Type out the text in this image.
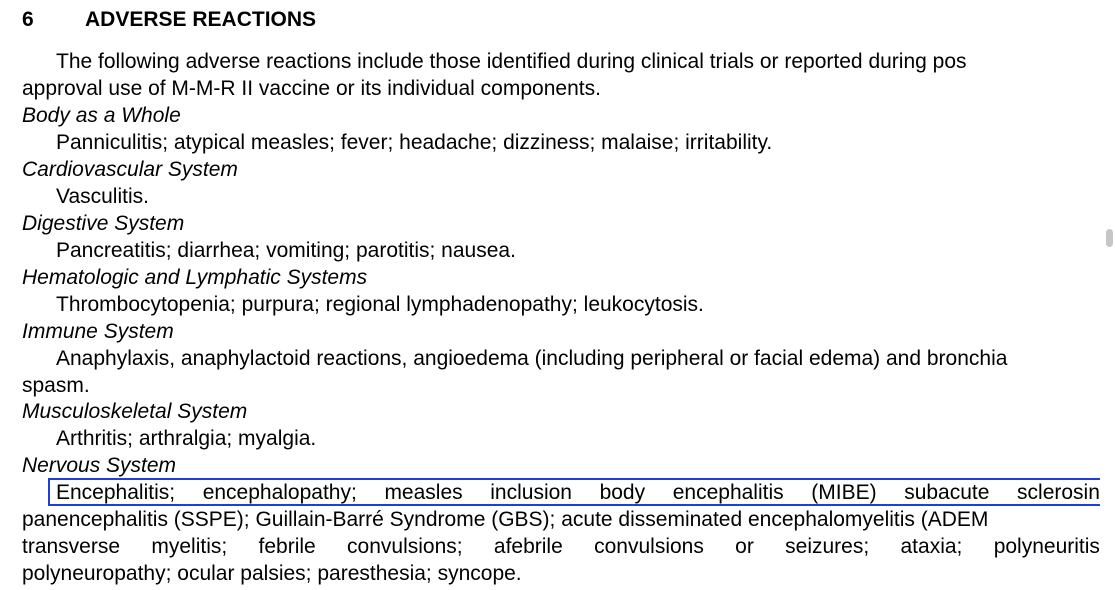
6 ADVERSE REACTIONS
The following adverse reactions include those identified during clinical trials or reported during pos
approval use of M-M-R II vaccine or its individual components.
Body as a Whole
Panniculitis; atypical measles; fever; headache; dizziness; malaise; irritability.
Cardiovascular System
Vasculitis.
Digestive System
Pancreatitis; diarrhea; vomiting; parotitis; nausea.
Hematologic and Lymphatic Systems
Thrombocytopenia; purpura; regional lymphadenopathy; leukocytosis.
Immune System
Anaphylaxis, anaphylactoid reactions, angioedema (including peripheral or facial edema) and bronchia
spasm.
Musculoskeletal System
Arthritis; arthralgia; myalgia.
Nervous System
Encephalitis; encephalopathy; measles inclusion body encephalitis (MIBE) subacute sclerosin
panencephalitis (SSPE); Guillain-Barré Syndrome (GBS); acute disseminated encephalomyelitis (ADEM
transverse myelitis; febrile convulsions; afebrile convulsions or seizures; ataxia; polyneuritis
polyneuropathy; ocular palsies; paresthesia; syncope.
